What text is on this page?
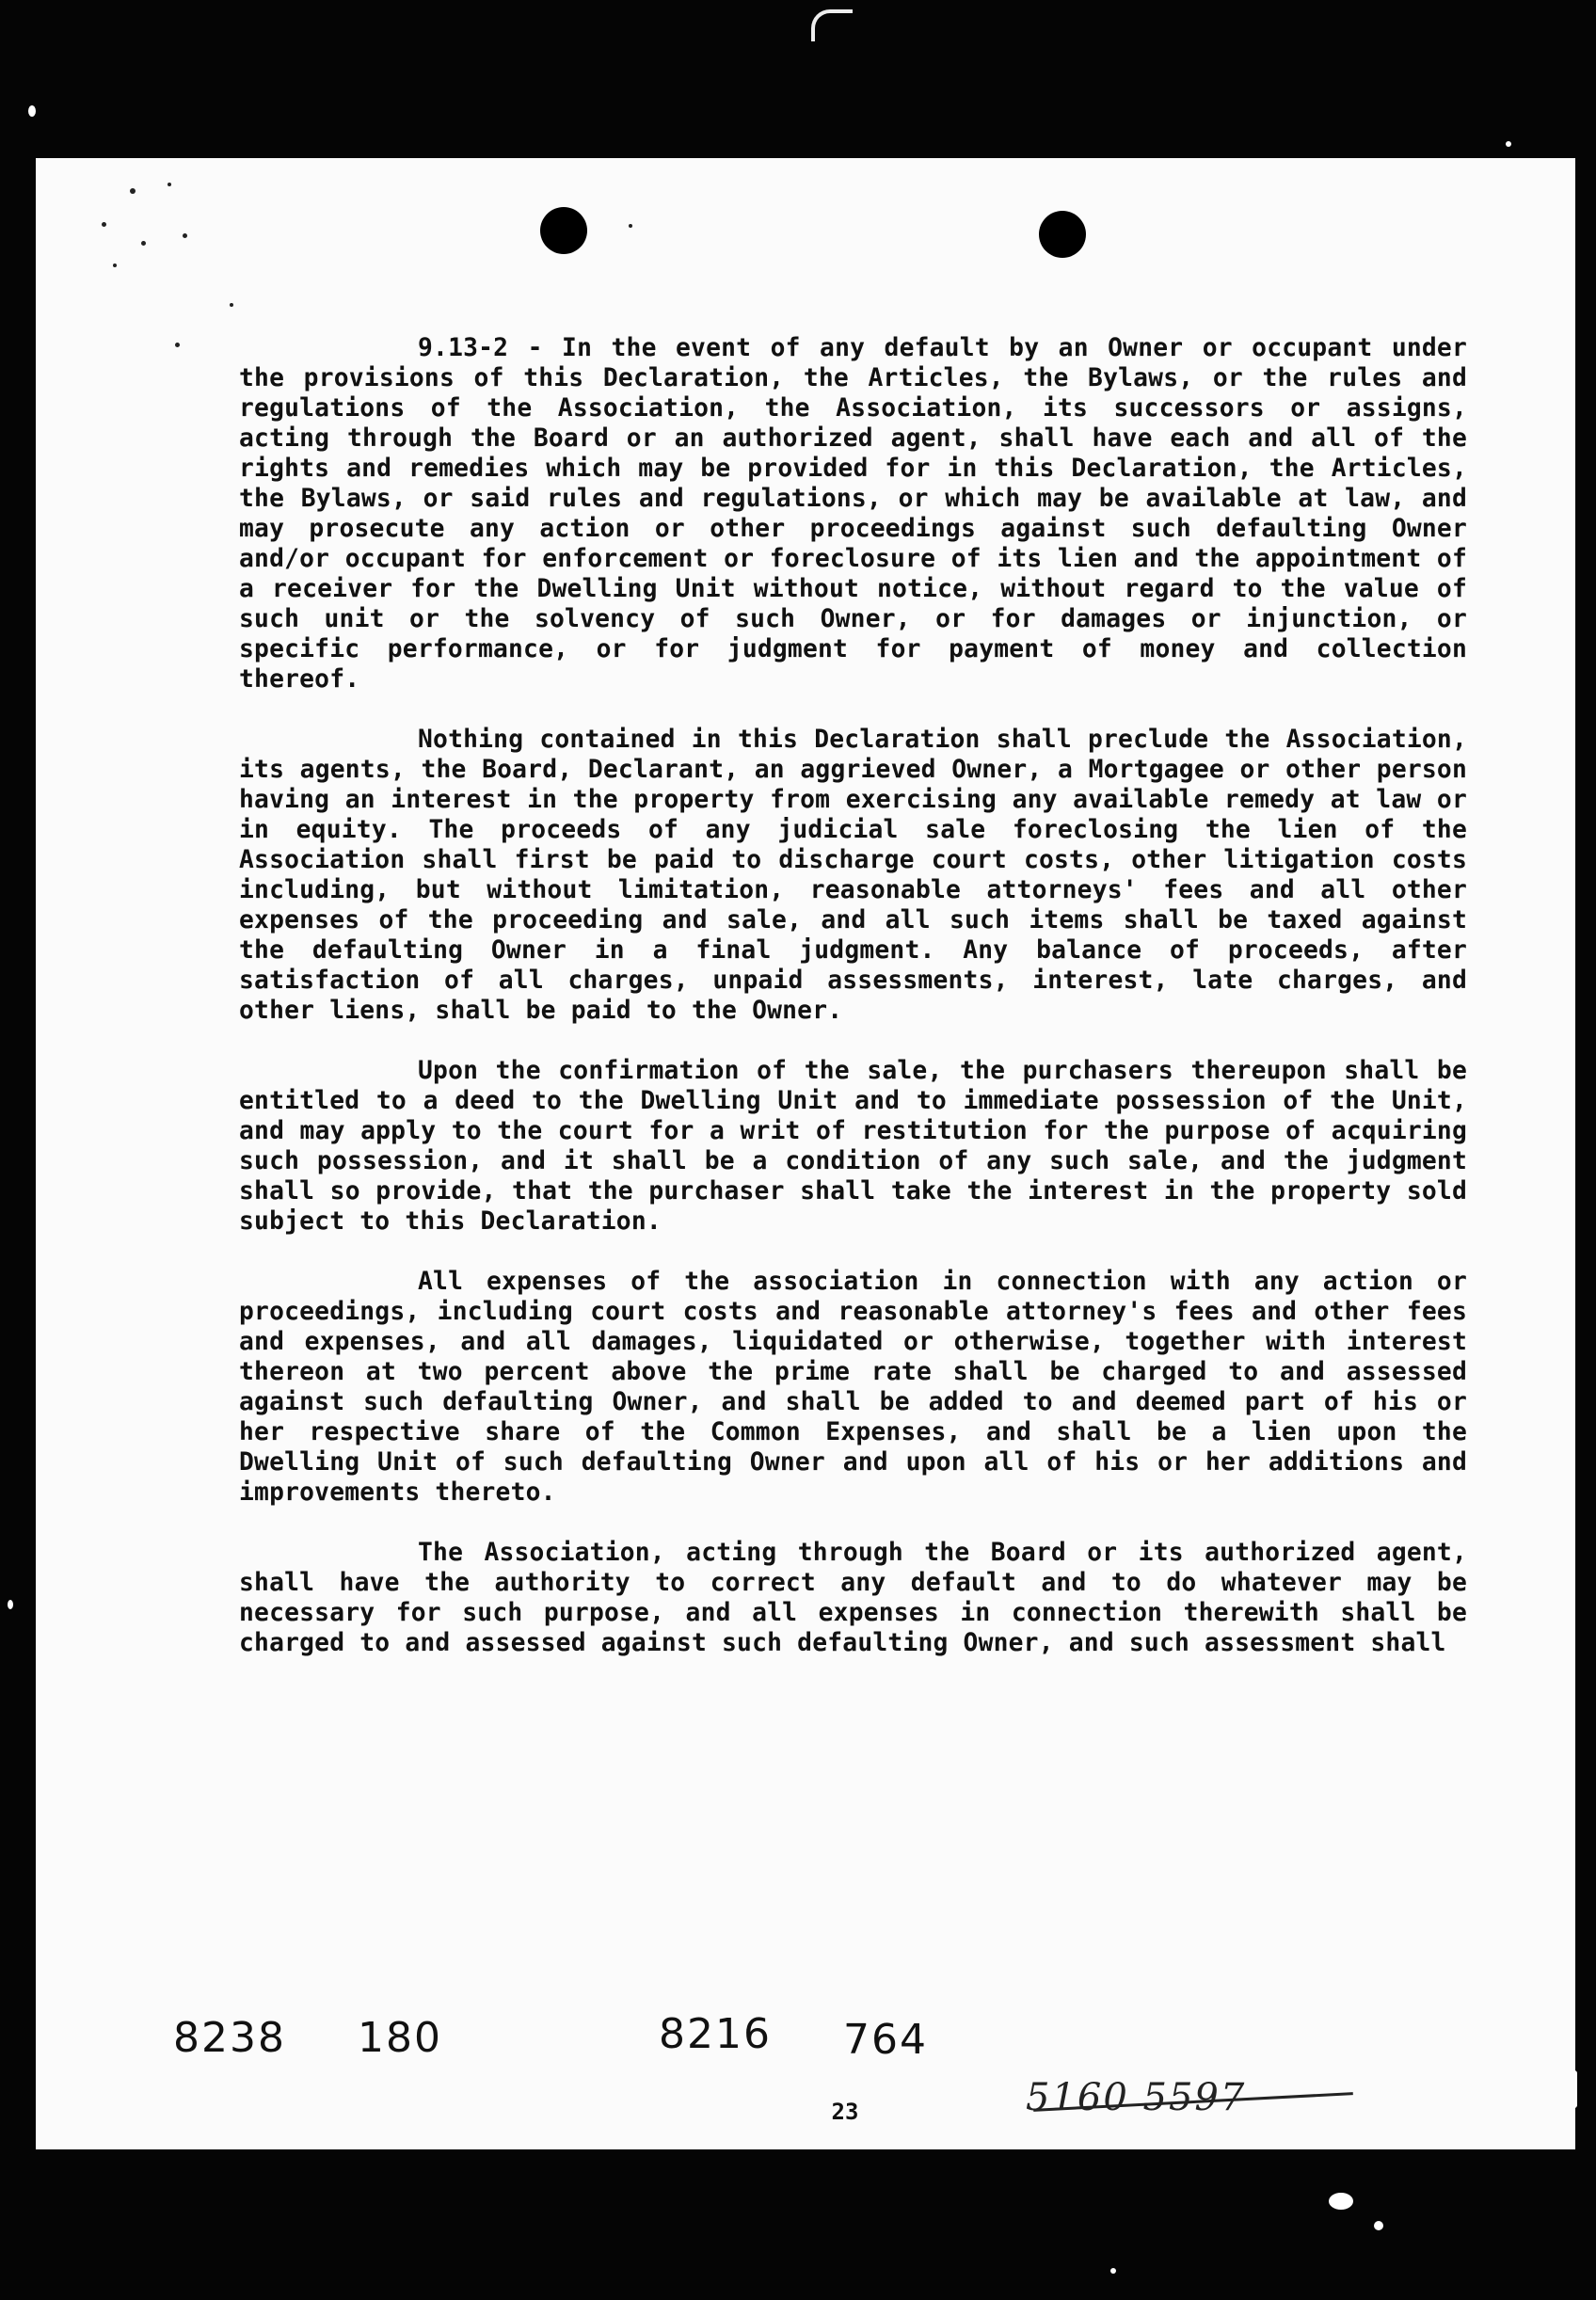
9.13-2 - In the event of any default by an Owner or occupant under the provisions of this Declaration, the Articles, the Bylaws, or the rules and regulations of the Association, the Association, its successors or assigns, acting through the Board or an authorized agent, shall have each and all of the rights and remedies which may be provided for in this Declaration, the Articles, the Bylaws, or said rules and regulations, or which may be available at law, and may prosecute any action or other proceedings against such defaulting Owner and/or occupant for enforcement or foreclosure of its lien and the appointment of a receiver for the Dwelling Unit without notice, without regard to the value of such unit or the solvency of such Owner, or for damages or injunction, or specific performance, or for judgment for payment of money and collection thereof.

Nothing contained in this Declaration shall preclude the Association, its agents, the Board, Declarant, an aggrieved Owner, a Mortgagee or other person having an interest in the property from exercising any available remedy at law or in equity. The proceeds of any judicial sale foreclosing the lien of the Association shall first be paid to discharge court costs, other litigation costs including, but without limitation, reasonable attorneys' fees and all other expenses of the proceeding and sale, and all such items shall be taxed against the defaulting Owner in a final judgment. Any balance of proceeds, after satisfaction of all charges, unpaid assessments, interest, late charges, and other liens, shall be paid to the Owner.

Upon the confirmation of the sale, the purchasers thereupon shall be entitled to a deed to the Dwelling Unit and to immediate possession of the Unit, and may apply to the court for a writ of restitution for the purpose of acquiring such possession, and it shall be a condition of any such sale, and the judgment shall so provide, that the purchaser shall take the interest in the property sold subject to this Declaration.

All expenses of the association in connection with any action or proceedings, including court costs and reasonable attorney's fees and other fees and expenses, and all damages, liquidated or otherwise, together with interest thereon at two percent above the prime rate shall be charged to and assessed against such defaulting Owner, and shall be added to and deemed part of his or her respective share of the Common Expenses, and shall be a lien upon the Dwelling Unit of such defaulting Owner and upon all of his or her additions and improvements thereto.

The Association, acting through the Board or its authorized agent, shall have the authority to correct any default and to do whatever may be necessary for such purpose, and all expenses in connection therewith shall be charged to and assessed against such defaulting Owner, and such assessment shall

23
8238 180	8216 764
5160 5597
